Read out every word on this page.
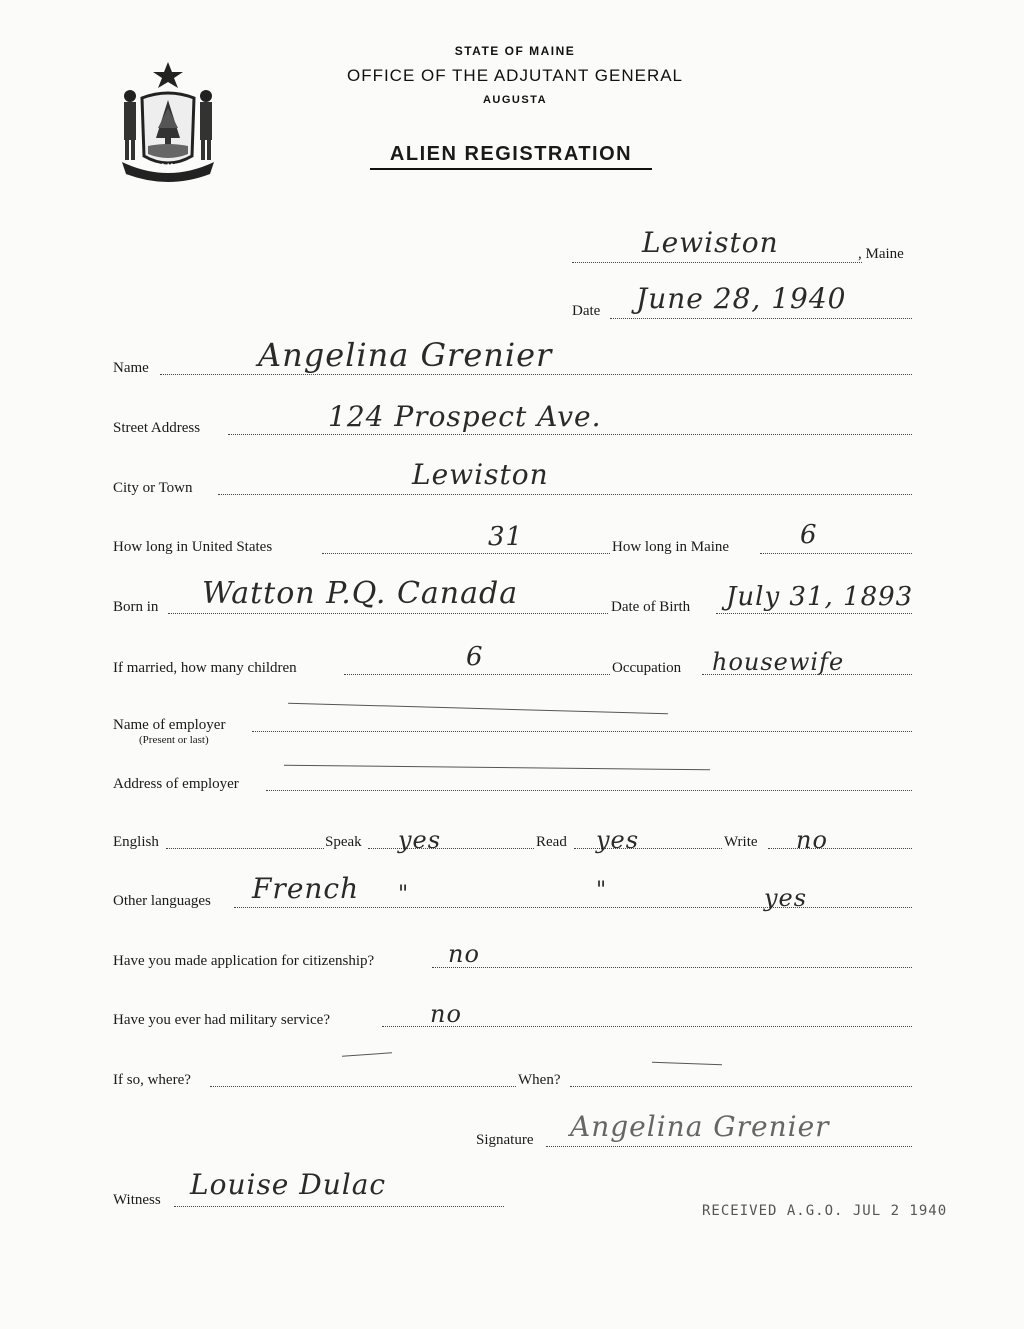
MAINE
STATE OF MAINE
OFFICE OF THE ADJUTANT GENERAL
AUGUSTA
ALIEN REGISTRATION
, Maine
Lewiston
Date June 28, 1940
Name	Angelina Grenier
Street Address	124 Prospect Ave.
City or Town	Lewiston
How long in United States	31	How long in Maine	6
Born in Watton P.Q. Canada	Date of Birth July 31, 1893
If married, how many children	6	Occupation housewife
Name of employer
(Present or last)
Address of employer
English	Speak yes	Read yes	Write no
Other languages French "	"	yes
Have you made application for citizenship?	no
Have you ever had military service?	no
If so, where?	When?
Signature Angelina Grenier
Witness Louise Dulac
RECEIVED A.G.O. JUL 2 1940
